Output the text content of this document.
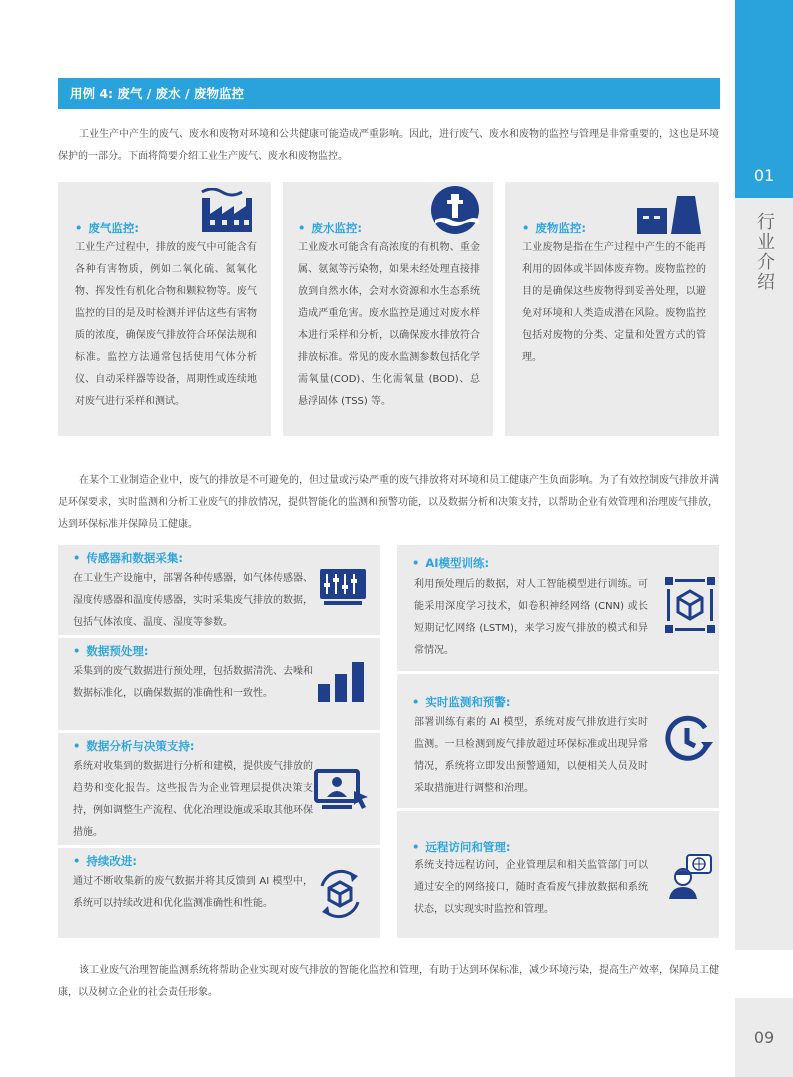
01
行业介绍
09
用例 4: 废气 / 废水 / 废物监控
工业生产中产生的废气、废水和废物对环境和公共健康可能造成严重影响。因此，进行废气、废水和废物的监控与管理是非常重要的，这也是环境保护的一部分。下面将简要介绍工业生产废气、废水和废物监控。
• 废气监控:
工业生产过程中，排放的废气中可能含有各种有害物质，例如二氧化硫、氮氧化物、挥发性有机化合物和颗粒物等。废气监控的目的是及时检测并评估这些有害物质的浓度，确保废气排放符合环保法规和标准。监控方法通常包括使用气体分析仪、自动采样器等设备，周期性或连续地对废气进行采样和测试。
• 废水监控:
工业废水可能含有高浓度的有机物、重金属、氨氮等污染物，如果未经处理直接排放到自然水体，会对水资源和水生态系统造成严重危害。废水监控是通过对废水样本进行采样和分析，以确保废水排放符合排放标准。常见的废水监测参数包括化学需氧量(COD)、生化需氧量 (BOD)、总悬浮固体 (TSS) 等。
• 废物监控:
工业废物是指在生产过程中产生的不能再利用的固体或半固体废弃物。废物监控的目的是确保这些废物得到妥善处理，以避免对环境和人类造成潜在风险。废物监控包括对废物的分类、定量和处置方式的管理。
在某个工业制造企业中，废气的排放是不可避免的，但过量或污染严重的废气排放将对环境和员工健康产生负面影响。为了有效控制废气排放并满足环保要求，实时监测和分析工业废气的排放情况，提供智能化的监测和预警功能，以及数据分析和决策支持，以帮助企业有效管理和治理废气排放，达到环保标准并保障员工健康。
• 传感器和数据采集:
在工业生产设施中，部署各种传感器，如气体传感器、湿度传感器和温度传感器，实时采集废气排放的数据，包括气体浓度、温度、湿度等参数。
• 数据预处理:
采集到的废气数据进行预处理，包括数据清洗、去噪和数据标准化，以确保数据的准确性和一致性。
• 数据分析与决策支持:
系统对收集到的数据进行分析和建模，提供废气排放的趋势和变化报告。这些报告为企业管理层提供决策支持，例如调整生产流程、优化治理设施或采取其他环保措施。
• 持续改进:
通过不断收集新的废气数据并将其反馈到 AI 模型中，系统可以持续改进和优化监测准确性和性能。
• AI模型训练:
利用预处理后的数据，对人工智能模型进行训练。可能采用深度学习技术，如卷积神经网络 (CNN) 或长短期记忆网络 (LSTM)，来学习废气排放的模式和异常情况。
• 实时监测和预警:
部署训练有素的 AI 模型，系统对废气排放进行实时监测。一旦检测到废气排放超过环保标准或出现异常情况，系统将立即发出预警通知，以便相关人员及时采取措施进行调整和治理。
• 远程访问和管理:
系统支持远程访问，企业管理层和相关监管部门可以通过安全的网络接口，随时查看废气排放数据和系统状态，以实现实时监控和管理。
该工业废气治理智能监测系统将帮助企业实现对废气排放的智能化监控和管理，有助于达到环保标准，减少环境污染，提高生产效率，保障员工健康，以及树立企业的社会责任形象。
